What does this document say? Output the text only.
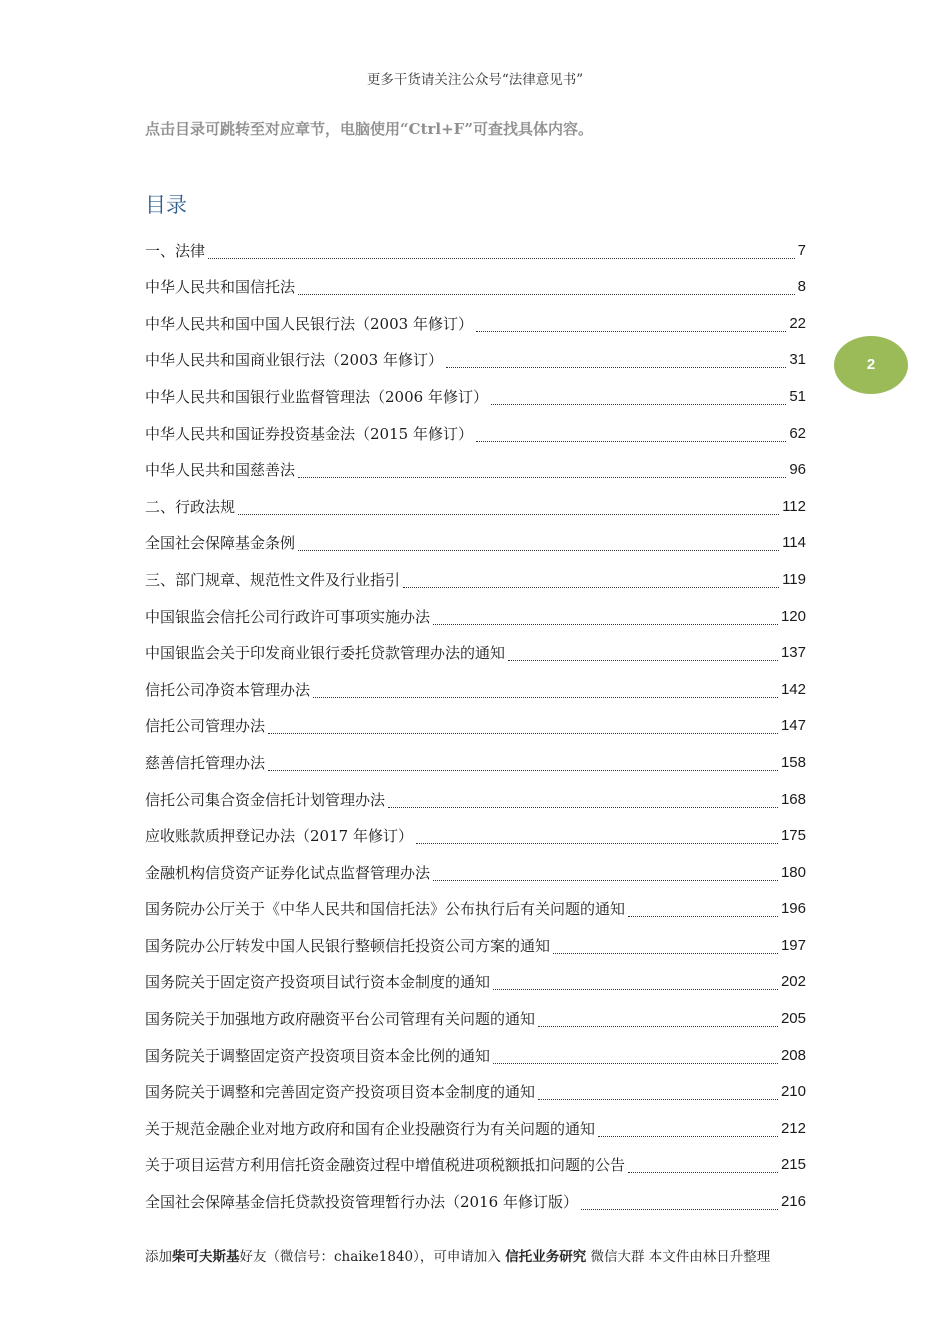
更多干货请关注公众号“法律意见书”
点击目录可跳转至对应章节，电脑使用“Ctrl+F”可查找具体内容。
目录
一、法律	7
中华人民共和国信托法	8
中华人民共和国中国人民银行法（2003 年修订）	22
中华人民共和国商业银行法（2003 年修订）	31
中华人民共和国银行业监督管理法（2006 年修订）	51
中华人民共和国证券投资基金法（2015 年修订）	62
中华人民共和国慈善法	96
二、行政法规	112
全国社会保障基金条例	114
三、部门规章、规范性文件及行业指引	119
中国银监会信托公司行政许可事项实施办法	120
中国银监会关于印发商业银行委托贷款管理办法的通知	137
信托公司净资本管理办法	142
信托公司管理办法	147
慈善信托管理办法	158
信托公司集合资金信托计划管理办法	168
应收账款质押登记办法（2017 年修订）	175
金融机构信贷资产证券化试点监督管理办法	180
国务院办公厅关于《中华人民共和国信托法》公布执行后有关问题的通知	196
国务院办公厅转发中国人民银行整顿信托投资公司方案的通知	197
国务院关于固定资产投资项目试行资本金制度的通知	202
国务院关于加强地方政府融资平台公司管理有关问题的通知	205
国务院关于调整固定资产投资项目资本金比例的通知	208
国务院关于调整和完善固定资产投资项目资本金制度的通知	210
关于规范金融企业对地方政府和国有企业投融资行为有关问题的通知	212
关于项目运营方利用信托资金融资过程中增值税进项税额抵扣问题的公告	215
全国社会保障基金信托贷款投资管理暂行办法（2016 年修订版）	216
2
添加柴可夫斯基好友（微信号：chaike1840），可申请加入 信托业务研究 微信大群 本文件由林日升整理
